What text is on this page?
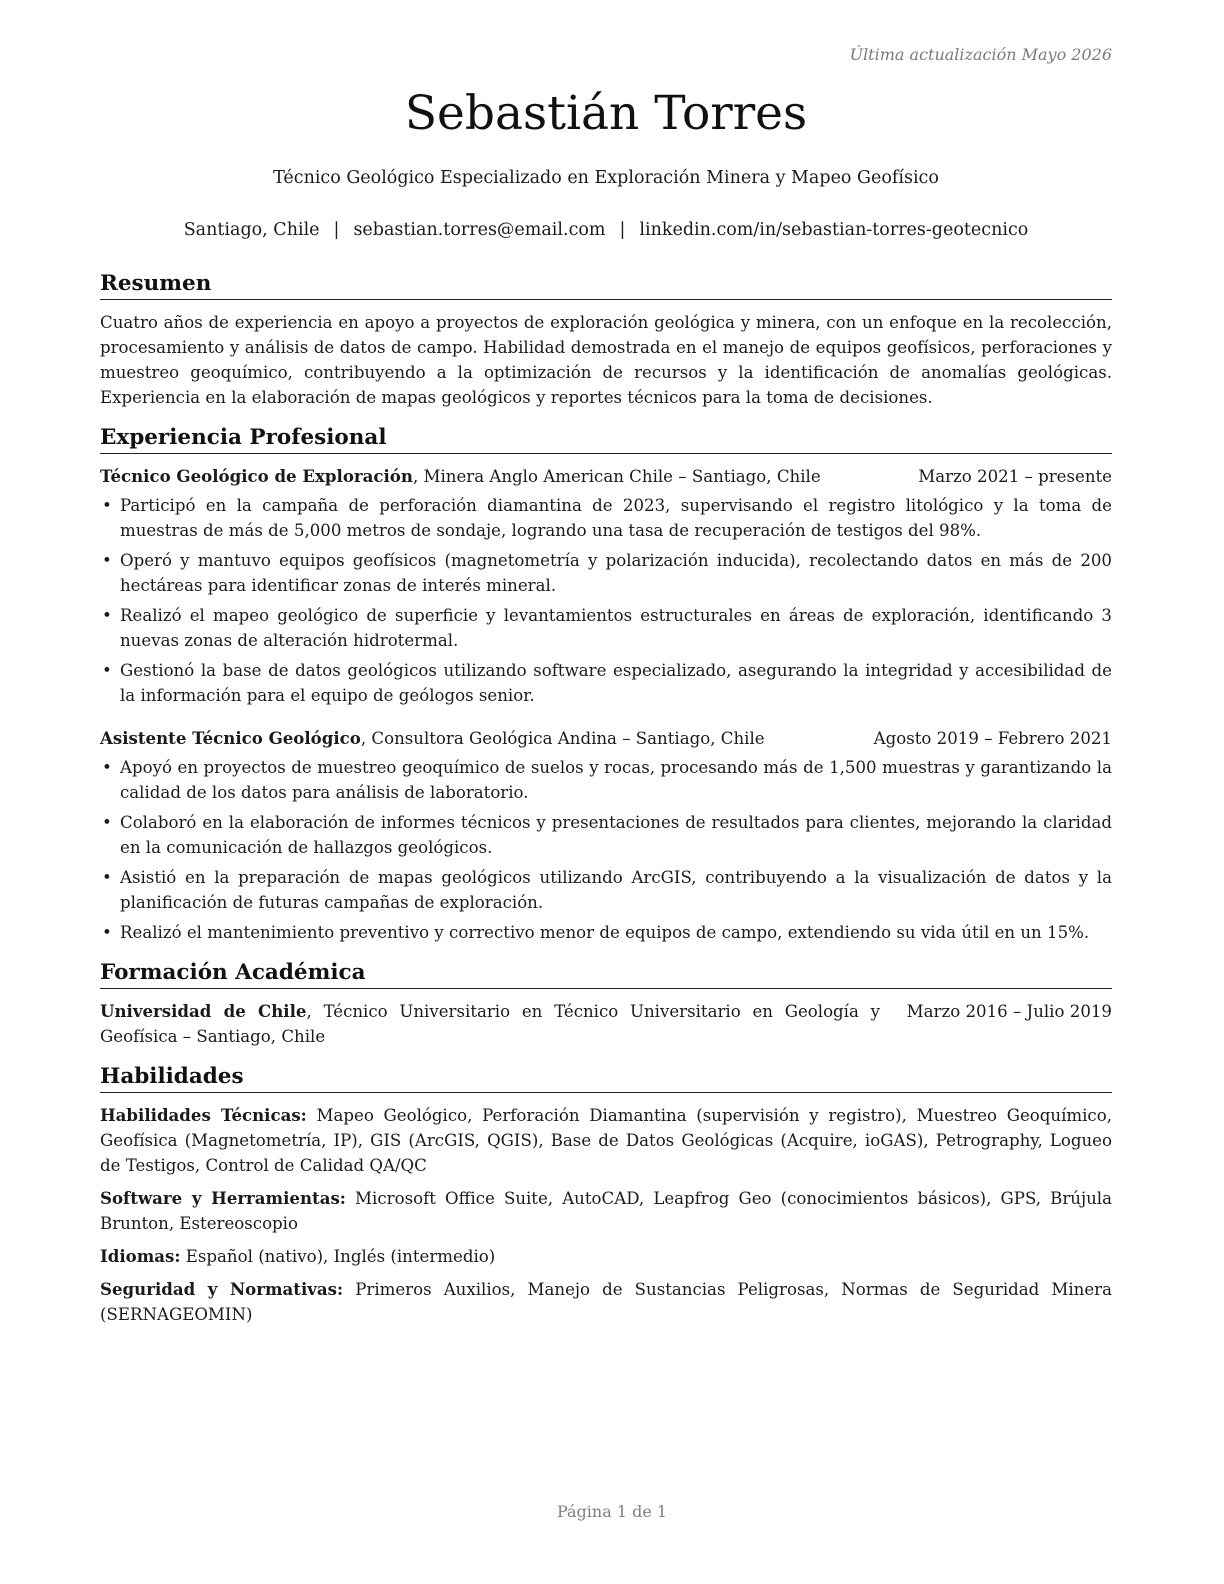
Última actualización Mayo 2026
Sebastián Torres
Técnico Geológico Especializado en Exploración Minera y Mapeo Geofísico
Santiago, Chile | sebastian.torres@email.com | linkedin.com/in/sebastian-torres-geotecnico
Resumen

Cuatro años de experiencia en apoyo a proyectos de exploración geológica y minera, con un enfoque en la recolección, procesamiento y análisis de datos de campo. Habilidad demostrada en el manejo de equipos geofísicos, perforaciones y muestreo geoquímico, contribuyendo a la optimización de recursos y la identificación de anomalías geológicas. Experiencia en la elaboración de mapas geológicos y reportes técnicos para la toma de decisiones.

Experiencia Profesional
Técnico Geológico de Exploración, Minera Anglo American Chile – Santiago, Chile	Marzo 2021 – presente
• Participó en la campaña de perforación diamantina de 2023, supervisando el registro litológico y la toma de muestras de más de 5,000 metros de sondaje, logrando una tasa de recuperación de testigos del 98%.
• Operó y mantuvo equipos geofísicos (magnetometría y polarización inducida), recolectando datos en más de 200 hectáreas para identificar zonas de interés mineral.
• Realizó el mapeo geológico de superficie y levantamientos estructurales en áreas de exploración, identificando 3 nuevas zonas de alteración hidrotermal.
• Gestionó la base de datos geológicos utilizando software especializado, asegurando la integridad y accesibilidad de la información para el equipo de geólogos senior.
Asistente Técnico Geológico, Consultora Geológica Andina – Santiago, Chile	Agosto 2019 – Febrero 2021
• Apoyó en proyectos de muestreo geoquímico de suelos y rocas, procesando más de 1,500 muestras y garantizando la calidad de los datos para análisis de laboratorio.
• Colaboró en la elaboración de informes técnicos y presentaciones de resultados para clientes, mejorando la claridad en la comunicación de hallazgos geológicos.
• Asistió en la preparación de mapas geológicos utilizando ArcGIS, contribuyendo a la visualización de datos y la planificación de futuras campañas de exploración.
• Realizó el mantenimiento preventivo y correctivo menor de equipos de campo, extendiendo su vida útil en un 15%.
Formación Académica
Universidad de Chile, Técnico Universitario en Técnico Universitario en Geología y Geofísica – Santiago, Chile
Marzo 2016 – Julio 2019
Habilidades

Habilidades Técnicas: Mapeo Geológico, Perforación Diamantina (supervisión y registro), Muestreo Geoquímico, Geofísica (Magnetometría, IP), GIS (ArcGIS, QGIS), Base de Datos Geológicas (Acquire, ioGAS), Petrography, Logueo de Testigos, Control de Calidad QA/QC

Software y Herramientas: Microsoft Office Suite, AutoCAD, Leapfrog Geo (conocimientos básicos), GPS, Brújula Brunton, Estereoscopio

Idiomas: Español (nativo), Inglés (intermedio)

Seguridad y Normativas: Primeros Auxilios, Manejo de Sustancias Peligrosas, Normas de Seguridad Minera (SERNAGEOMIN)

Página 1 de 1
